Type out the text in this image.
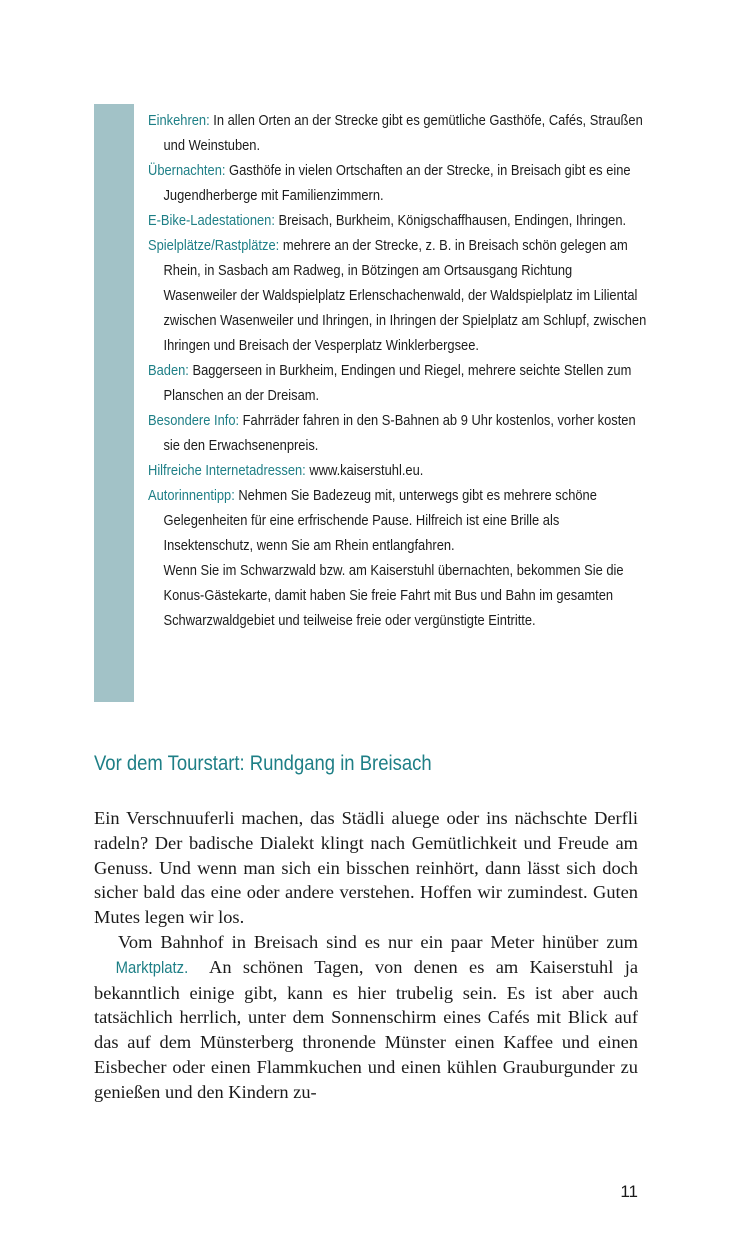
Einkehren: In allen Orten an der Strecke gibt es gemütliche Gasthöfe, Cafés, Straußen und Weinstuben.

Übernachten: Gasthöfe in vielen Ortschaften an der Strecke, in Breisach gibt es eine Jugendherberge mit Familienzimmern.

E-Bike-Ladestationen: Breisach, Burkheim, Königschaffhausen, Endingen, Ihringen.

Spielplätze/Rastplätze: mehrere an der Strecke, z. B. in Breisach schön gelegen am Rhein, in Sasbach am Radweg, in Bötzingen am Ortsausgang Richtung Wasenweiler der Waldspielplatz Erlenschachenwald, der Waldspielplatz im Liliental zwischen Wasenweiler und Ihringen, in Ihringen der Spielplatz am Schlupf, zwischen Ihringen und Breisach der Vesperplatz Winklerbergsee.

Baden: Baggerseen in Burkheim, Endingen und Riegel, mehrere seichte Stellen zum Planschen an der Dreisam.

Besondere Info: Fahrräder fahren in den S-Bahnen ab 9 Uhr kostenlos, vorher kosten sie den Erwachsenenpreis.

Hilfreiche Internetadressen: www.kaiserstuhl.eu.

Autorinnentipp: Nehmen Sie Badezeug mit, unterwegs gibt es mehrere schöne Gelegenheiten für eine erfrischende Pause. Hilfreich ist eine Brille als Insektenschutz, wenn Sie am Rhein entlangfahren.
Wenn Sie im Schwarzwald bzw. am Kaiserstuhl übernachten, bekommen Sie die Konus-Gästekarte, damit haben Sie freie Fahrt mit Bus und Bahn im gesamten Schwarzwaldgebiet und teilweise freie oder vergünstigte Eintritte.

Vor dem Tourstart: Rundgang in Breisach

Ein Verschnuuferli machen, das Städli aluege oder ins nächschte Derfli radeln? Der badische Dialekt klingt nach Gemütlichkeit und Freude am Genuss. Und wenn man sich ein bisschen reinhört, dann lässt sich doch sicher bald das eine oder andere verstehen. Hoffen wir zumindest. Guten Mutes legen wir los.

Vom Bahnhof in Breisach sind es nur ein paar Meter hinüber zum Marktplatz. An schönen Tagen, von denen es am Kaiserstuhl ja bekanntlich einige gibt, kann es hier trubelig sein. Es ist aber auch tatsächlich herrlich, unter dem Sonnenschirm eines Cafés mit Blick auf das auf dem Münsterberg thronende Münster einen Kaffee und einen Eisbecher oder einen Flammkuchen und einen kühlen Grauburgunder zu genießen und den Kindern zu-

11
